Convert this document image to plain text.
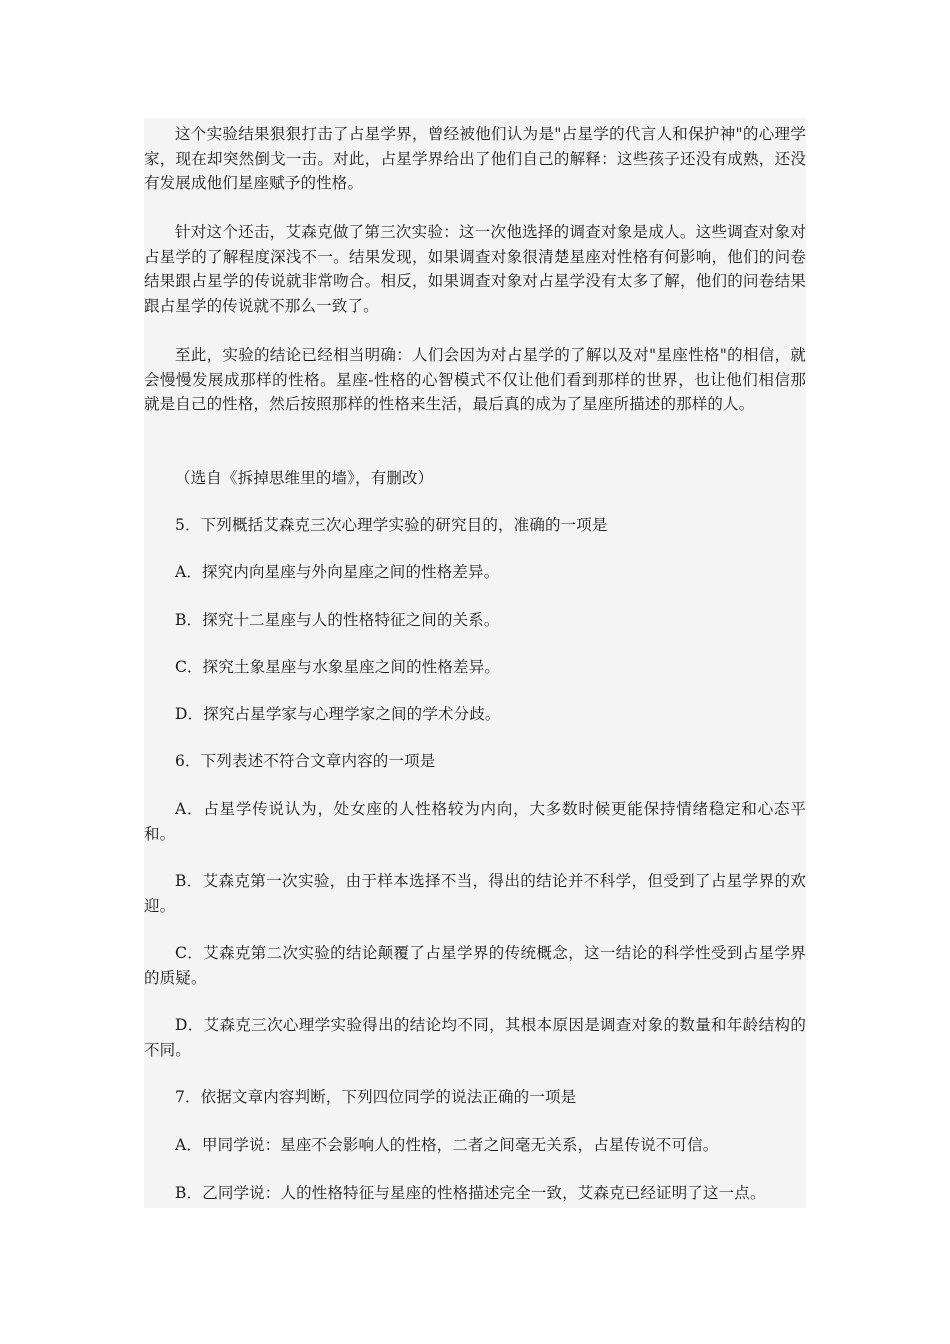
这个实验结果狠狠打击了占星学界，曾经被他们认为是"占星学的代言人和保护神"的心理学家，现在却突然倒戈一击。对此，占星学界给出了他们自己的解释：这些孩子还没有成熟，还没有发展成他们星座赋予的性格。

针对这个还击，艾森克做了第三次实验：这一次他选择的调查对象是成人。这些调查对象对占星学的了解程度深浅不一。结果发现，如果调查对象很清楚星座对性格有何影响，他们的问卷结果跟占星学的传说就非常吻合。相反，如果调查对象对占星学没有太多了解，他们的问卷结果跟占星学的传说就不那么一致了。

至此，实验的结论已经相当明确：人们会因为对占星学的了解以及对"星座性格"的相信，就会慢慢发展成那样的性格。星座-性格的心智模式不仅让他们看到那样的世界，也让他们相信那就是自己的性格，然后按照那样的性格来生活，最后真的成为了星座所描述的那样的人。

（选自《拆掉思维里的墙》，有删改）

5．下列概括艾森克三次心理学实验的研究目的，准确的一项是

A．探究内向星座与外向星座之间的性格差异。

B．探究十二星座与人的性格特征之间的关系。

C．探究土象星座与水象星座之间的性格差异。

D．探究占星学家与心理学家之间的学术分歧。

6．下列表述不符合文章内容的一项是

A．占星学传说认为，处女座的人性格较为内向，大多数时候更能保持情绪稳定和心态平和。

B．艾森克第一次实验，由于样本选择不当，得出的结论并不科学，但受到了占星学界的欢迎。

C．艾森克第二次实验的结论颠覆了占星学界的传统概念，这一结论的科学性受到占星学界的质疑。

D．艾森克三次心理学实验得出的结论均不同，其根本原因是调查对象的数量和年龄结构的不同。

7．依据文章内容判断，下列四位同学的说法正确的一项是

A．甲同学说：星座不会影响人的性格，二者之间毫无关系，占星传说不可信。

B．乙同学说：人的性格特征与星座的性格描述完全一致，艾森克已经证明了这一点。
